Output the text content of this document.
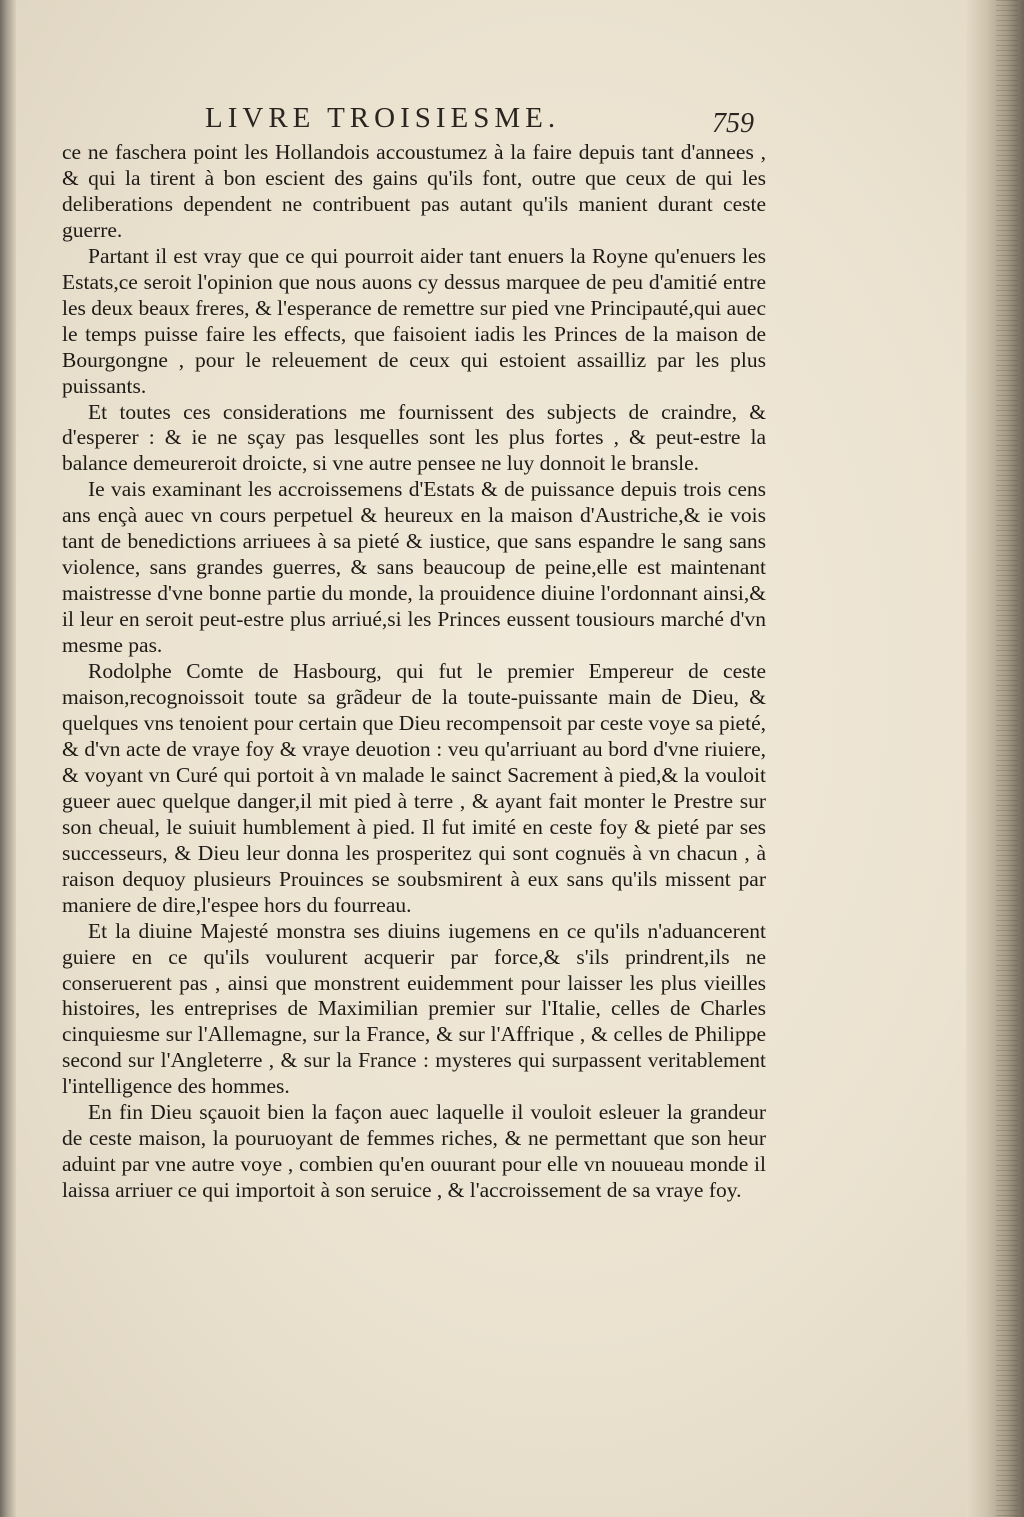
LIVRE TROISIESME.	759

ce ne faschera point les Hollandois accoustumez à la faire depuis tant d'annees , & qui la tirent à bon escient des gains qu'ils font, outre que ceux de qui les deliberations dependent ne contribuent pas autant qu'ils manient durant ceste guerre.

Partant il est vray que ce qui pourroit aider tant enuers la Royne qu'enuers les Estats,ce seroit l'opinion que nous auons cy dessus marquee de peu d'amitié entre les deux beaux freres, & l'esperance de remettre sur pied vne Principauté,qui auec le temps puisse faire les effects, que faisoient iadis les Princes de la maison de Bourgongne , pour le releuement de ceux qui estoient assailliz par les plus puissants.

Et toutes ces considerations me fournissent des subjects de craindre, & d'esperer : & ie ne sçay pas lesquelles sont les plus fortes , & peut-estre la balance demeureroit droicte, si vne autre pensee ne luy donnoit le bransle.

Ie vais examinant les accroissemens d'Estats & de puissance depuis trois cens ans ençà auec vn cours perpetuel & heureux en la maison d'Austriche,& ie vois tant de benedictions arriuees à sa pieté & iustice, que sans espandre le sang sans violence, sans grandes guerres, & sans beaucoup de peine,elle est maintenant maistresse d'vne bonne partie du monde, la prouidence diuine l'ordonnant ainsi,& il leur en seroit peut-estre plus arriué,si les Princes eussent tousiours marché d'vn mesme pas.

Rodolphe Comte de Hasbourg, qui fut le premier Empereur de ceste maison,recognoissoit toute sa grãdeur de la toute-puissante main de Dieu, & quelques vns tenoient pour certain que Dieu recompensoit par ceste voye sa pieté, & d'vn acte de vraye foy & vraye deuotion : veu qu'arriuant au bord d'vne riuiere, & voyant vn Curé qui portoit à vn malade le sainct Sacrement à pied,& la vouloit gueer auec quelque danger,il mit pied à terre , & ayant fait monter le Prestre sur son cheual, le suiuit humblement à pied. Il fut imité en ceste foy & pieté par ses successeurs, & Dieu leur donna les prosperitez qui sont cognuës à vn chacun , à raison dequoy plusieurs Prouinces se soubsmirent à eux sans qu'ils missent par maniere de dire,l'espee hors du fourreau.

Et la diuine Majesté monstra ses diuins iugemens en ce qu'ils n'aduancerent guiere en ce qu'ils voulurent acquerir par force,& s'ils prindrent,ils ne conseruerent pas , ainsi que monstrent euidemment pour laisser les plus vieilles histoires, les entreprises de Maximilian premier sur l'Italie, celles de Charles cinquiesme sur l'Allemagne, sur la France, & sur l'Affrique , & celles de Philippe second sur l'Angleterre , & sur la France : mysteres qui surpassent veritablement l'intelligence des hommes.

En fin Dieu sçauoit bien la façon auec laquelle il vouloit esleuer la grandeur de ceste maison, la pouruoyant de femmes riches, & ne permettant que son heur aduint par vne autre voye , combien qu'en ouurant pour elle vn nouueau monde il laissa arriuer ce qui importoit à son seruice , & l'accroissement de sa vraye foy.
